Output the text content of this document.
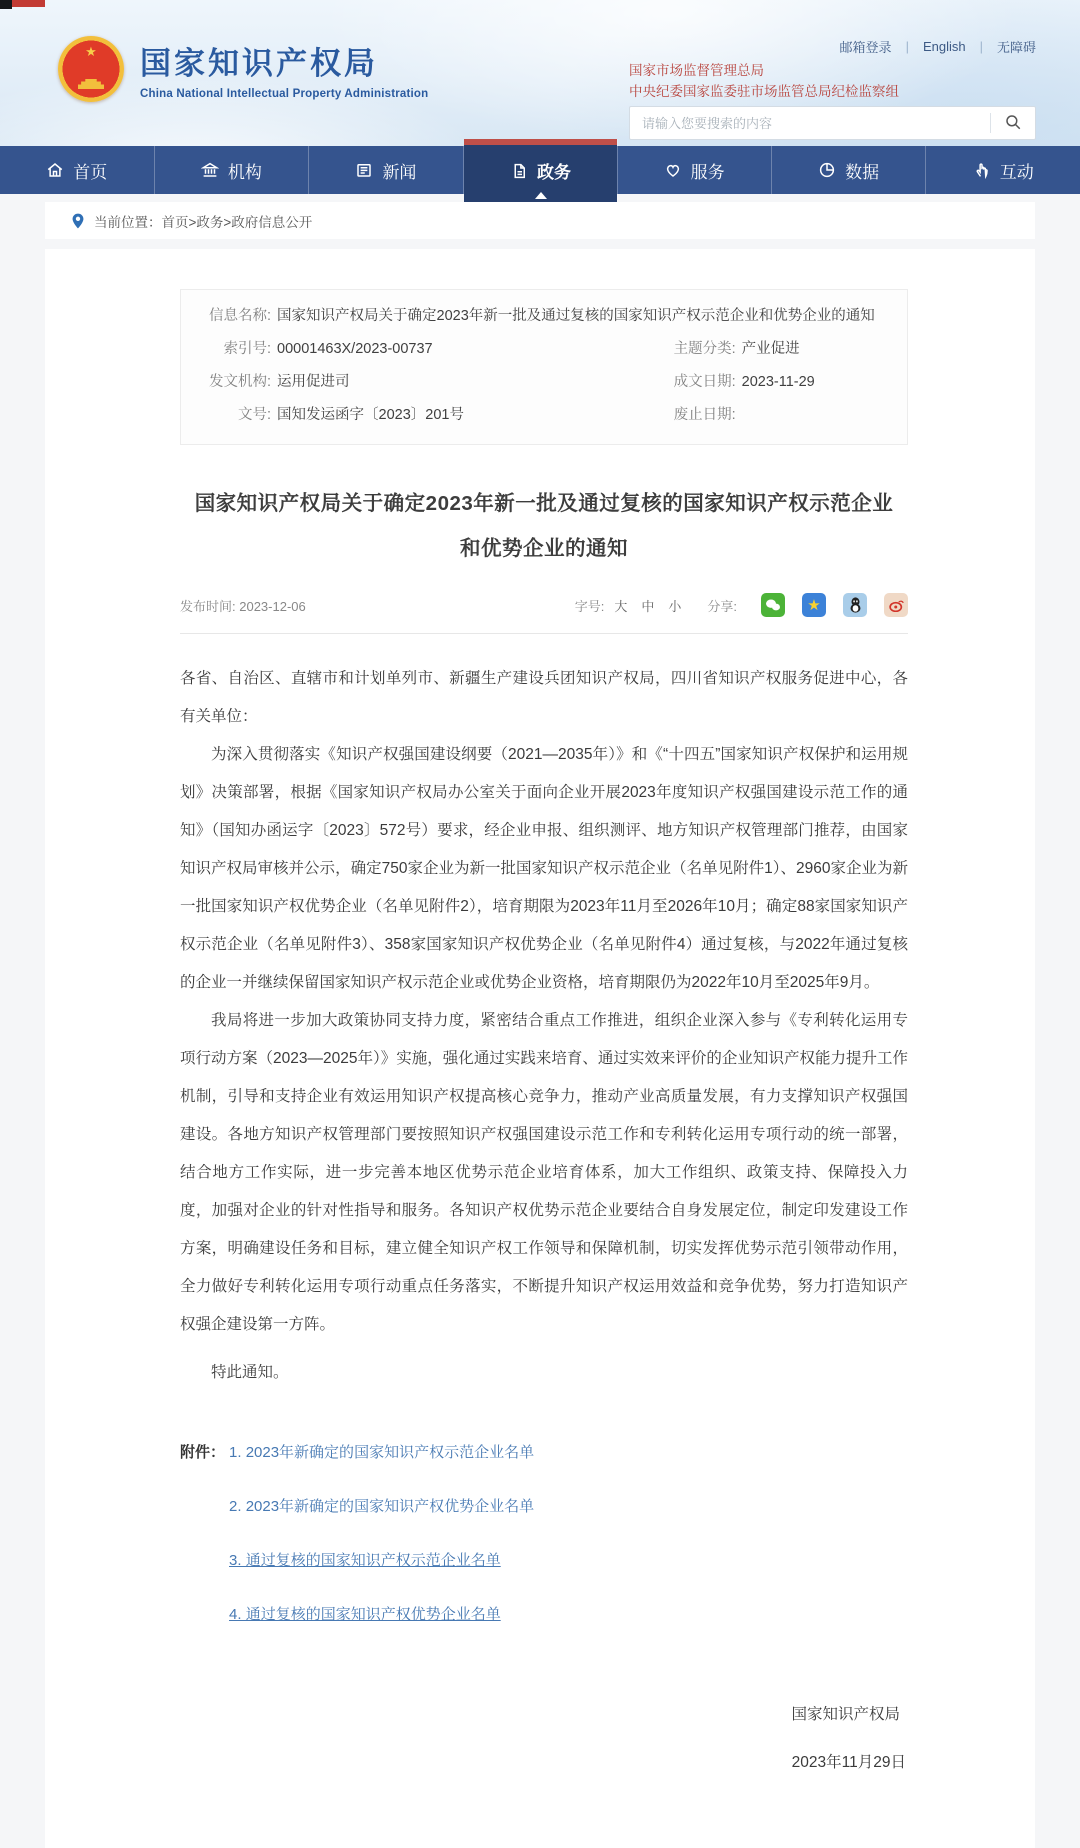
★ 国家知识产权局
China National Intellectual Property Administration
邮箱登录 | English | 无障碍
国家市场监督管理总局
中央纪委国家监委驻市场监管总局纪检监察组
请输入您要搜索的内容
首页	机构	新闻	政务	服务	数据	互动
当前位置： 首页>政务>政府信息公开
信息名称: 国家知识产权局关于确定2023年新一批及通过复核的国家知识产权示范企业和优势企业的通知
索引号: 00001463X/2023-00737	主题分类: 产业促进
发文机构: 运用促进司	成文日期: 2023-11-29
文号: 国知发运函字〔2023〕201号	废止日期:
国家知识产权局关于确定2023年新一批及通过复核的国家知识产权示范企业
和优势企业的通知
发布时间: 2023-12-06	字号: 大 中 小 分享:	★

各省、自治区、直辖市和计划单列市、新疆生产建设兵团知识产权局，四川省知识产权服务促进中心，各有关单位：

为深入贯彻落实《知识产权强国建设纲要（2021—2035年）》和《“十四五”国家知识产权保护和运用规划》决策部署，根据《国家知识产权局办公室关于面向企业开展2023年度知识产权强国建设示范工作的通知》（国知办函运字〔2023〕572号）要求，经企业申报、组织测评、地方知识产权管理部门推荐，由国家知识产权局审核并公示，确定750家企业为新一批国家知识产权示范企业（名单见附件1）、2960家企业为新一批国家知识产权优势企业（名单见附件2），培育期限为2023年11月至2026年10月；确定88家国家知识产权示范企业（名单见附件3）、358家国家知识产权优势企业（名单见附件4）通过复核，与2022年通过复核的企业一并继续保留国家知识产权示范企业或优势企业资格，培育期限仍为2022年10月至2025年9月。

我局将进一步加大政策协同支持力度，紧密结合重点工作推进，组织企业深入参与《专利转化运用专项行动方案（2023—2025年）》实施，强化通过实践来培育、通过实效来评价的企业知识产权能力提升工作机制，引导和支持企业有效运用知识产权提高核心竞争力，推动产业高质量发展，有力支撑知识产权强国建设。各地方知识产权管理部门要按照知识产权强国建设示范工作和专利转化运用专项行动的统一部署，结合地方工作实际，进一步完善本地区优势示范企业培育体系，加大工作组织、政策支持、保障投入力度，加强对企业的针对性指导和服务。各知识产权优势示范企业要结合自身发展定位，制定印发建设工作方案，明确建设任务和目标，建立健全知识产权工作领导和保障机制，切实发挥优势示范引领带动作用，全力做好专利转化运用专项行动重点任务落实，不断提升知识产权运用效益和竞争优势，努力打造知识产权强企建设第一方阵。

特此通知。

附件： 1. 2023年新确定的国家知识产权示范企业名单
2. 2023年新确定的国家知识产权优势企业名单
3. 通过复核的国家知识产权示范企业名单
4. 通过复核的国家知识产权优势企业名单
国家知识产权局
2023年11月29日
